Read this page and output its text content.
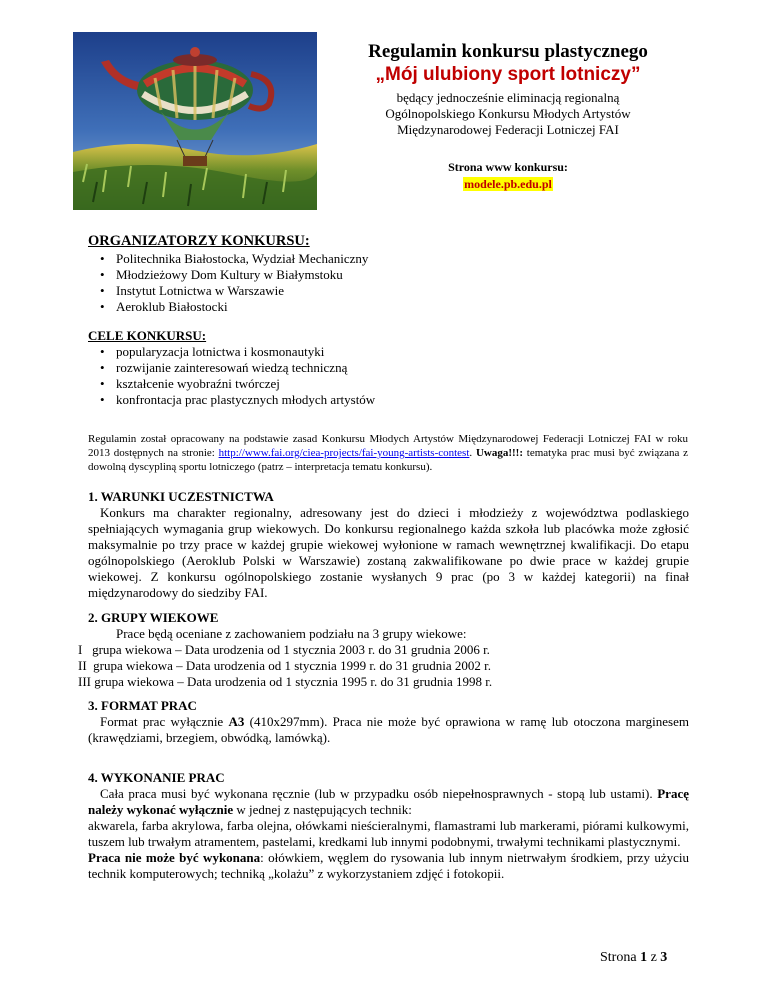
Regulamin konkursu plastycznego
„Mój ulubiony sport lotniczy”
będący jednocześnie eliminacją regionalną
Ogólnopolskiego Konkursu Młodych Artystów
Międzynarodowej Federacji Lotniczej FAI
Strona www konkursu:
modele.pb.edu.pl
ORGANIZATORZY KONKURSU:
• Politechnika Białostocka, Wydział Mechaniczny
• Młodzieżowy Dom Kultury w Białymstoku
• Instytut Lotnictwa w Warszawie
• Aeroklub Białostocki
CELE KONKURSU:
• popularyzacja lotnictwa i kosmonautyki
• rozwijanie zainteresowań wiedzą techniczną
• kształcenie wyobraźni twórczej
• konfrontacja prac plastycznych młodych artystów
Regulamin został opracowany na podstawie zasad Konkursu Młodych Artystów Międzynarodowej Federacji Lotniczej FAI w roku 2013 dostępnych na stronie: http://www.fai.org/ciea-projects/fai-young-artists-contest. Uwaga!!!: tematyka prac musi być związana z dowolną dyscypliną sportu lotniczego (patrz – interpretacja tematu konkursu).
1. WARUNKI UCZESTNICTWA

Konkurs ma charakter regionalny, adresowany jest do dzieci i młodzieży z województwa podlaskiego spełniających wymagania grup wiekowych. Do konkursu regionalnego każda szkoła lub placówka może zgłosić maksymalnie po trzy prace w każdej grupie wiekowej wyłonione w ramach wewnętrznej kwalifikacji. Do etapu ogólnopolskiego (Aeroklub Polski w Warszawie) zostaną zakwalifikowane po dwie prace w każdej grupie wiekowej. Z konkursu ogólnopolskiego zostanie wysłanych 9 prac (po 3 w każdej kategorii) na finał międzynarodowy do siedziby FAI.

2. GRUPY WIEKOWE
Prace będą oceniane z zachowaniem podziału na 3 grupy wiekowe:
I   grupa wiekowa – Data urodzenia od 1 stycznia 2003 r. do 31 grudnia 2006 r.
II  grupa wiekowa – Data urodzenia od 1 stycznia 1999 r. do 31 grudnia 2002 r.
III grupa wiekowa – Data urodzenia od 1 stycznia 1995 r. do 31 grudnia 1998 r.
3. FORMAT PRAC

Format prac wyłącznie A3 (410x297mm). Praca nie może być oprawiona w ramę lub otoczona marginesem (krawędziami, brzegiem, obwódką, lamówką).

4. WYKONANIE PRAC

Cała praca musi być wykonana ręcznie (lub w przypadku osób niepełnosprawnych - stopą lub ustami). Pracę należy wykonać wyłącznie w jednej z następujących technik:

akwarela, farba akrylowa, farba olejna, ołówkami nieścieralnymi, flamastrami lub markerami, piórami kulkowymi, tuszem lub trwałym atramentem, pastelami, kredkami lub innymi podobnymi, trwałymi technikami plastycznymi.

Praca nie może być wykonana: ołówkiem, węglem do rysowania lub innym nietrwałym środkiem, przy użyciu technik komputerowych; techniką „kolażu” z wykorzystaniem zdjęć i fotokopii.

Strona 1 z 3
